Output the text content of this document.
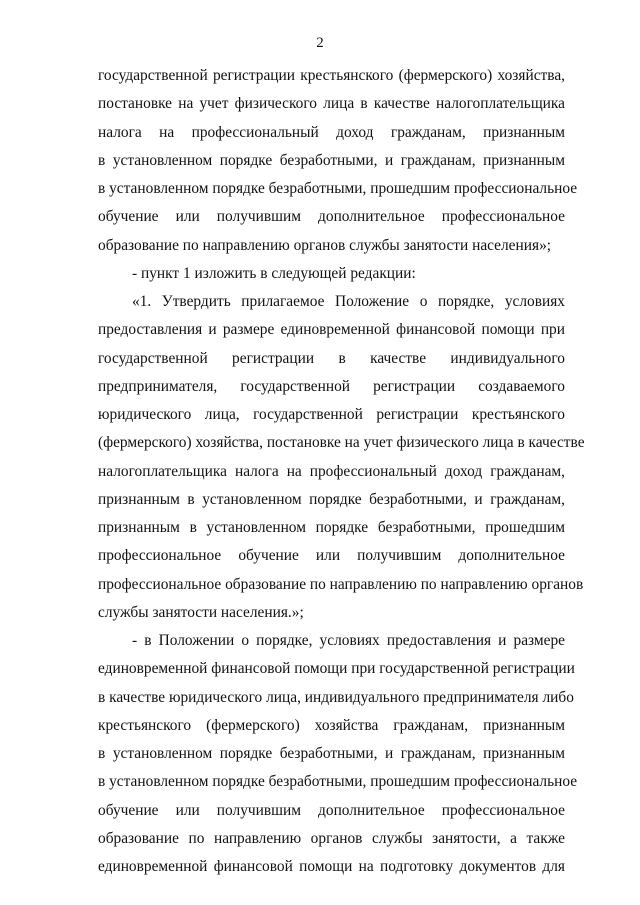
2
государственной регистрации крестьянского (фермерского) хозяйства,
постановке на учет физического лица в качестве налогоплательщика
налога на профессиональный доход гражданам, признанным
в установленном порядке безработными, и гражданам, признанным
в установленном порядке безработными, прошедшим профессиональное
обучение или получившим дополнительное профессиональное
образование по направлению органов службы занятости населения»;
- пункт 1 изложить в следующей редакции:
«1. Утвердить прилагаемое Положение о порядке, условиях
предоставления и размере единовременной финансовой помощи при
государственной регистрации в качестве индивидуального
предпринимателя, государственной регистрации создаваемого
юридического лица, государственной регистрации крестьянского
(фермерского) хозяйства, постановке на учет физического лица в качестве
налогоплательщика налога на профессиональный доход гражданам,
признанным в установленном порядке безработными, и гражданам,
признанным в установленном порядке безработными, прошедшим
профессиональное обучение или получившим дополнительное
профессиональное образование по направлению по направлению органов
службы занятости населения.»;
- в Положении о порядке, условиях предоставления и размере
единовременной финансовой помощи при государственной регистрации
в качестве юридического лица, индивидуального предпринимателя либо
крестьянского (фермерского) хозяйства гражданам, признанным
в установленном порядке безработными, и гражданам, признанным
в установленном порядке безработными, прошедшим профессиональное
обучение или получившим дополнительное профессиональное
образование по направлению органов службы занятости, а также
единовременной финансовой помощи на подготовку документов для
